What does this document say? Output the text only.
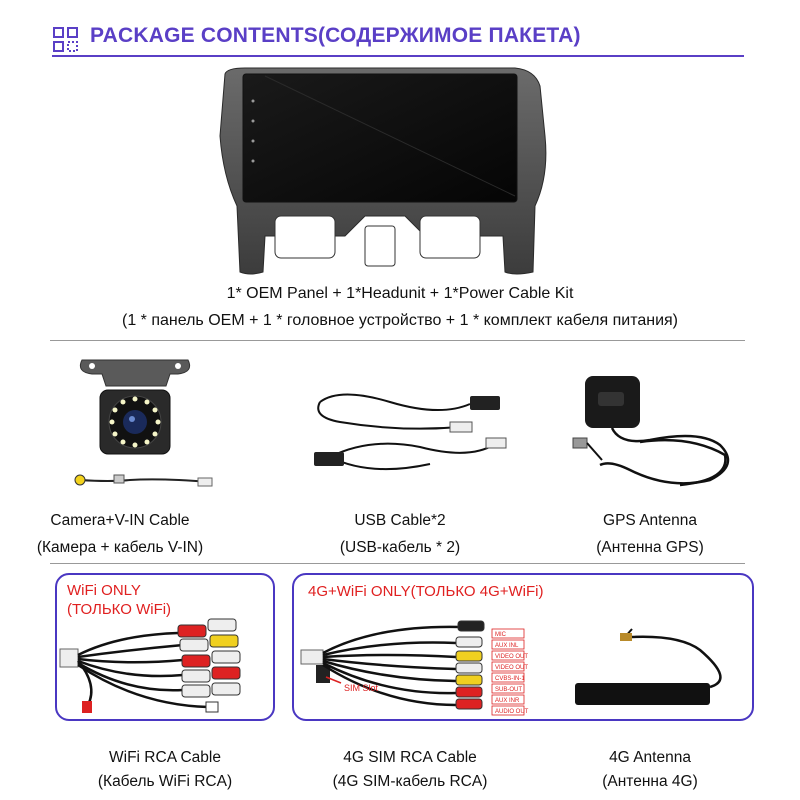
PACKAGE CONTENTS(СОДЕРЖИМОЕ ПАКЕТА)
1* OEM Panel + 1*Headunit + 1*Power Cable Kit
(1 * панель OEM + 1 * головное устройство + 1 * комплект кабеля питания)
Camera+V-IN Cable
(Камера + кабель V-IN)
USB Cable*2
(USB-кабель * 2)
GPS Antenna
(Антенна GPS)
WiFi ONLY
(ТОЛЬКО WiFi)
WiFi RCA Cable
(Кабель WiFi RCA)
4G+WiFi ONLY(ТОЛЬКО 4G+WiFi)
MIC
AUX INL
VIDEO OUT
VIDEO OUT
CVBS-IN-1
SUB-OUT
AUX INR
AUDIO OUT
SIM Slot
4G SIM RCA Cable
(4G SIM-кабель RCA)
4G Antenna
(Антенна 4G)
